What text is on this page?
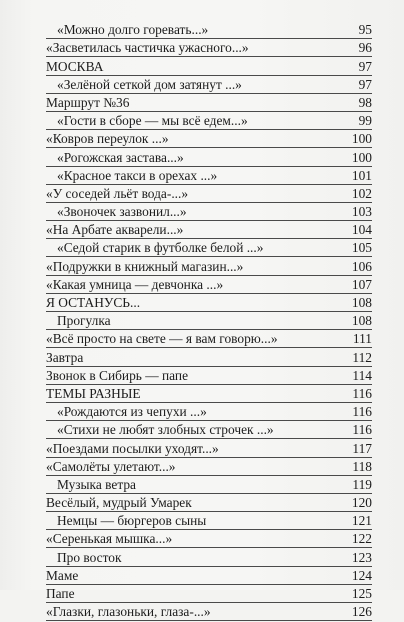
«Можно долго горевать...»	95
«Засветилась частичка ужасного...»	96
МОСКВА	97
«Зелёной сеткой дом затянут ...»	97
Маршрут №36	98
«Гости в сборе — мы всё едем...»	99
«Ковров переулок ...»	100
«Рогожская застава...»	100
«Красное такси в орехах ...»	101
«У соседей льёт вода-...»	102
«Звоночек зазвонил...»	103
«На Арбате акварели...»	104
«Седой старик в футболке белой ...»	105
«Подружки в книжный магазин...»	106
«Какая умница — девчонка ...»	107
Я ОСТАНУСЬ...	108
Прогулка	108
«Всё просто на свете — я вам говорю...»	111
Завтра	112
Звонок в Сибирь — папе	114
ТЕМЫ РАЗНЫЕ	116
«Рождаются из чепухи ...»	116
«Стихи не любят злобных строчек ...»	116
«Поездами посылки уходят...»	117
«Самолёты улетают...»	118
Музыка ветра	119
Весёлый, мудрый Умарек	120
Немцы — бюргеров сыны	121
«Серенькая мышка...»	122
Про восток	123
Маме	124
Папе	125
«Глазки, глазоньки, глаза-...»	126
